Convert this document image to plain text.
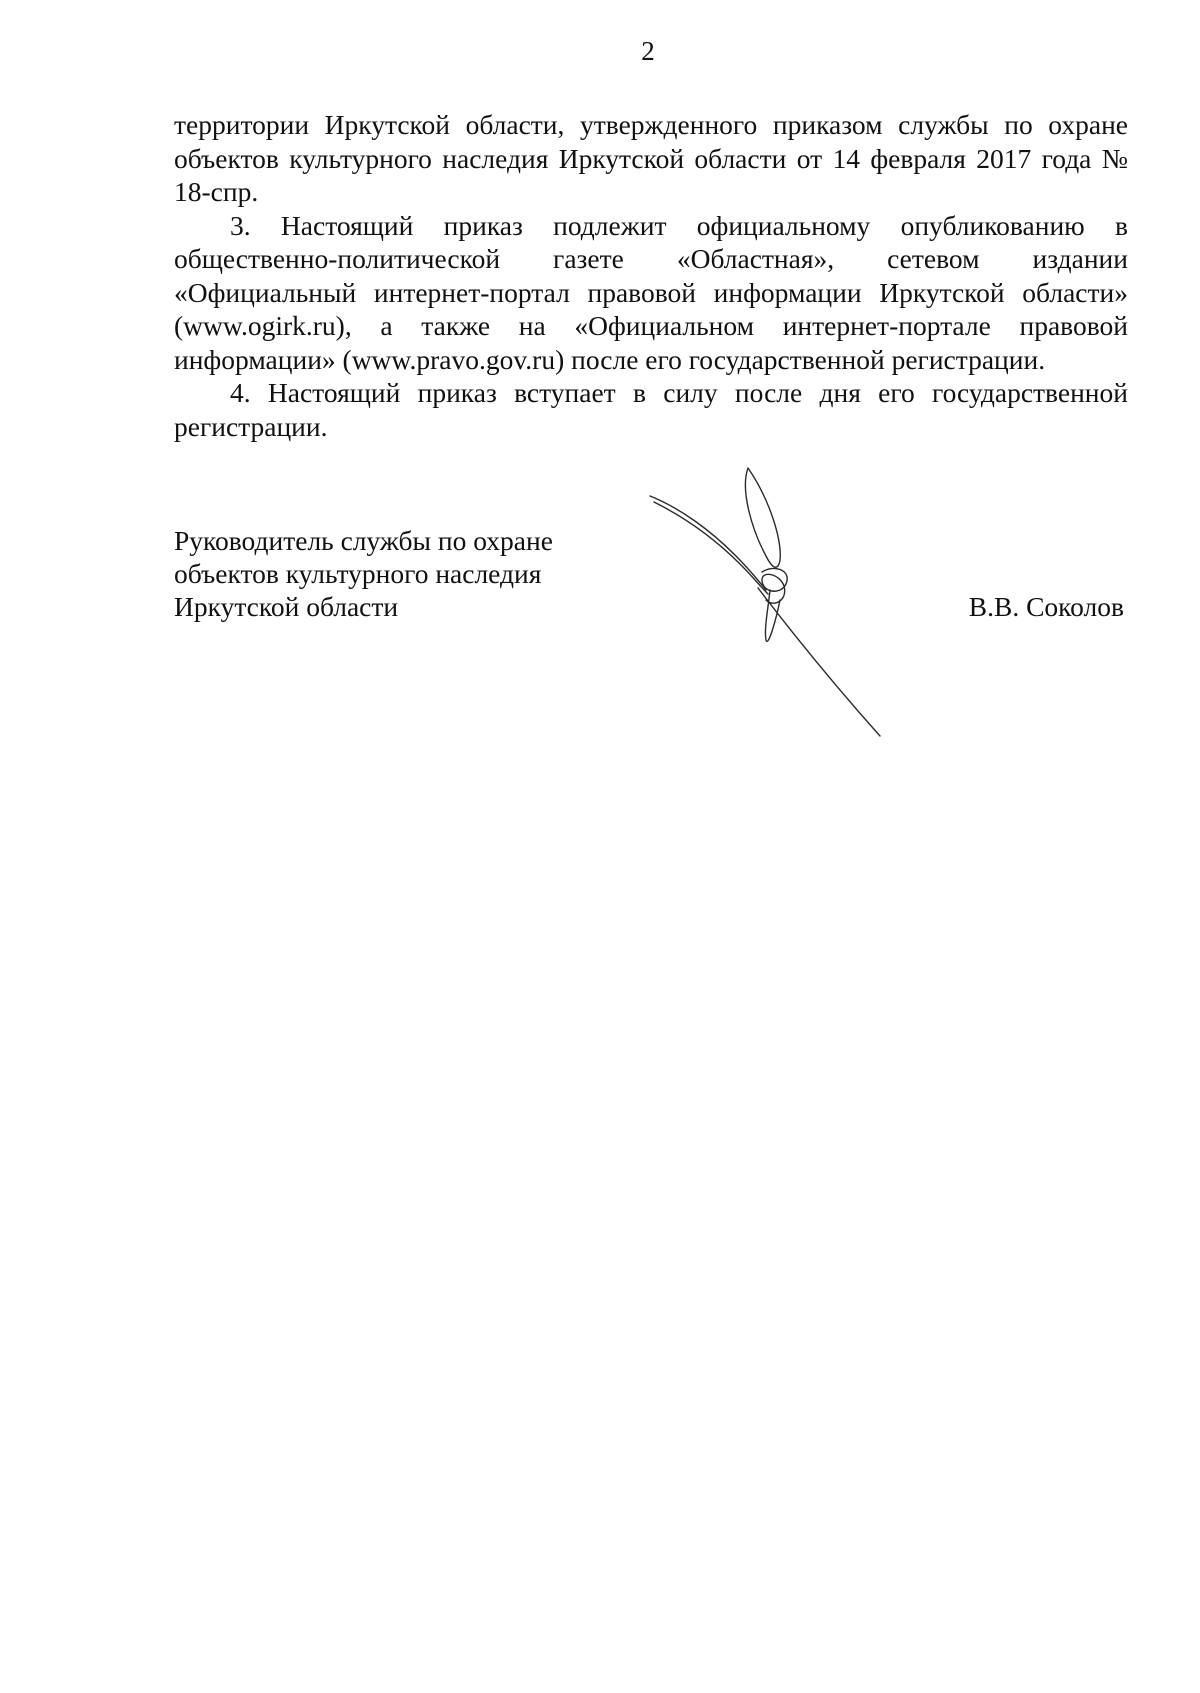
2

территории Иркутской области, утвержденного приказом службы по охране объектов культурного наследия Иркутской области от 14 февраля 2017 года № 18-спр.

3. Настоящий приказ подлежит официальному опубликованию в общественно-политической газете «Областная», сетевом издании «Официальный интернет-портал правовой информации Иркутской области» (www.ogirk.ru), а также на «Официальном интернет-портале правовой информации» (www.pravo.gov.ru) после его государственной регистрации.

4. Настоящий приказ вступает в силу после дня его государственной регистрации.

Руководитель службы по охране
объектов культурного наследия
Иркутской области	В.В. Соколов
